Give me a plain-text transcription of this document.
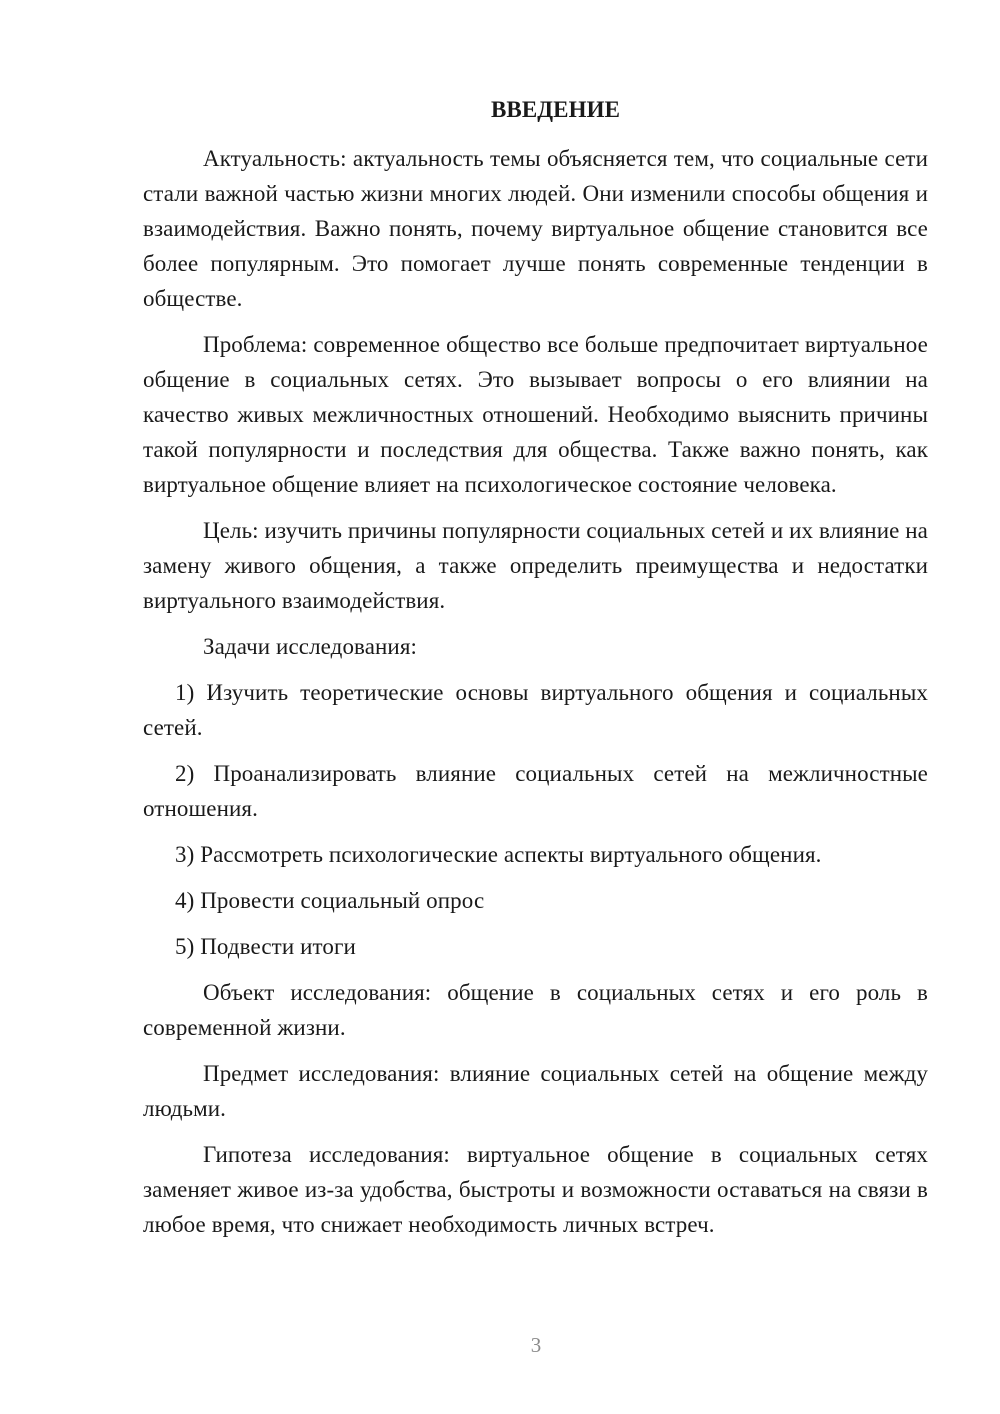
ВВЕДЕНИЕ

Актуальность: актуальность темы объясняется тем, что социальные сети стали важной частью жизни многих людей. Они изменили способы общения и взаимодействия. Важно понять, почему виртуальное общение становится все более популярным. Это помогает лучше понять современные тенденции в обществе.

Проблема: современное общество все больше предпочитает виртуальное общение в социальных сетях. Это вызывает вопросы о его влиянии на качество живых межличностных отношений. Необходимо выяснить причины такой популярности и последствия для общества. Также важно понять, как виртуальное общение влияет на психологическое состояние человека.

Цель: изучить причины популярности социальных сетей и их влияние на замену живого общения, а также определить преимущества и недостатки виртуального взаимодействия.

Задачи исследования:

1) Изучить теоретические основы виртуального общения и социальных сетей.

2) Проанализировать влияние социальных сетей на межличностные отношения.

3) Рассмотреть психологические аспекты виртуального общения.

4) Провести социальный опрос

5) Подвести итоги

Объект исследования: общение в социальных сетях и его роль в современной жизни.

Предмет исследования: влияние социальных сетей на общение между людьми.

Гипотеза исследования: виртуальное общение в социальных сетях заменяет живое из-за удобства, быстроты и возможности оставаться на связи в любое время, что снижает необходимость личных встреч.

3
